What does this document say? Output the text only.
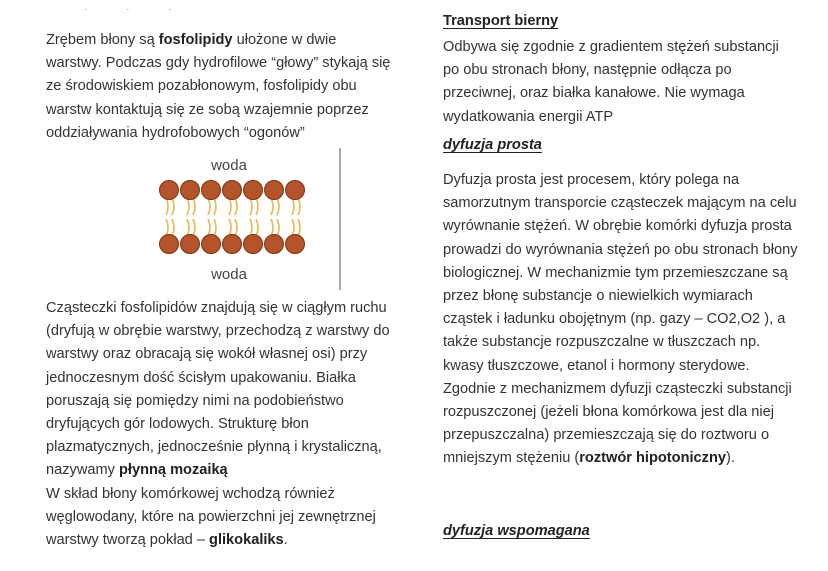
· · ·

Zrębem błony są fosfolipidy ułożone w dwie warstwy. Podczas gdy hydrofilowe “głowy” stykają się ze środowiskiem pozabłonowym, fosfolipidy obu warstw kontaktują się ze sobą wzajemnie poprzez oddziaływania hydrofobowych “ogonów”

woda
woda

Cząsteczki fosfolipidów znajdują się w ciągłym ruchu (dryfują w obrębie warstwy, przechodzą z warstwy do warstwy oraz obracają się wokół własnej osi) przy jednoczesnym dość ścisłym upakowaniu. Białka poruszają się pomiędzy nimi na podobieństwo dryfujących gór lodowych. Strukturę błon plazmatycznych, jednocześnie płynną i krystaliczną, nazywamy płynną mozaiką
W skład błony komórkowej wchodzą również węglowodany, które na powierzchni jej zewnętrznej warstwy tworzą pokład – glikokaliks.

Transport bierny

Odbywa się zgodnie z gradientem stężeń substancji po obu stronach błony, następnie odłącza po przeciwnej, oraz białka kanałowe. Nie wymaga wydatkowania energii ATP

dyfuzja prosta

Dyfuzja prosta jest procesem, który polega na samorzutnym transporcie cząsteczek mającym na celu wyrównanie stężeń. W obrębie komórki dyfuzja prosta prowadzi do wyrównania stężeń po obu stronach błony biologicznej. W mechanizmie tym przemieszczane są przez błonę substancje o niewielkich wymiarach cząstek i ładunku obojętnym (np. gazy – CO2,O2 ), a także substancje rozpuszczalne w tłuszczach np. kwasy tłuszczowe, etanol i hormony sterydowe. Zgodnie z mechanizmem dyfuzji cząsteczki substancji rozpuszczonej (jeżeli błona komórkowa jest dla niej przepuszczalna) przemieszczają się do roztworu o mniejszym stężeniu (roztwór hipotoniczny).

dyfuzja wspomagana
